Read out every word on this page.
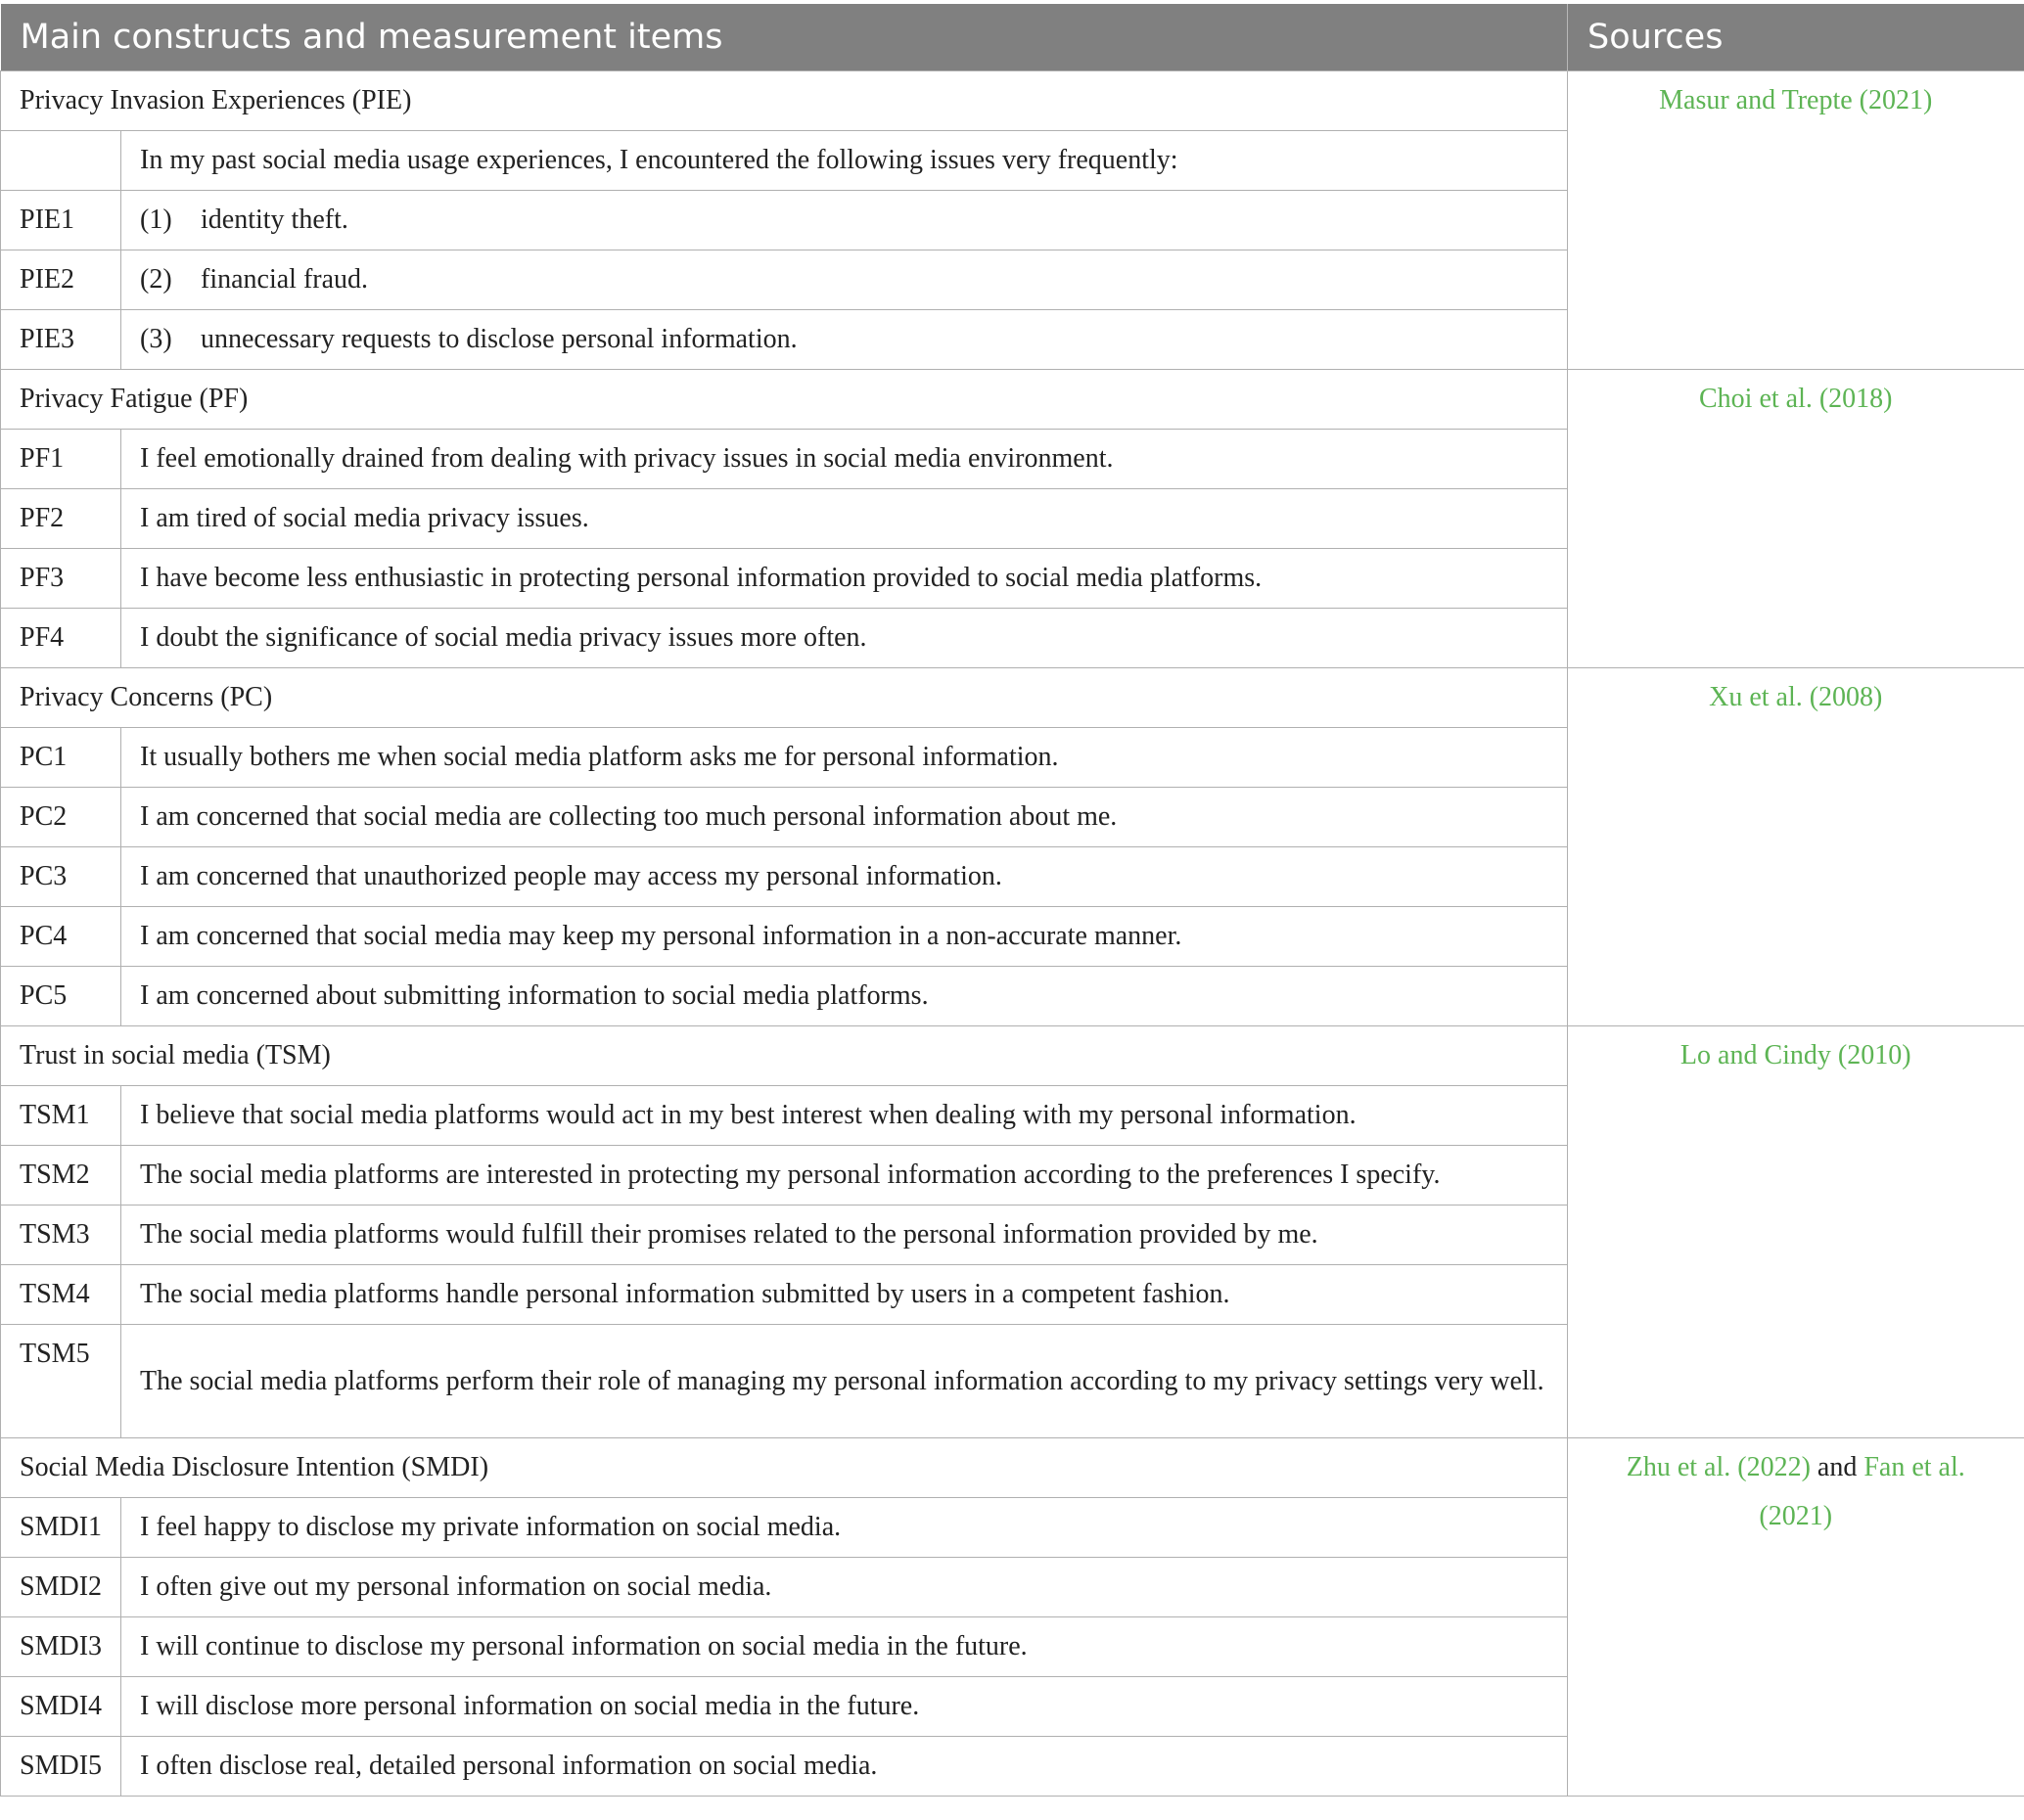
Main constructs and measurement items		Sources
Privacy Invasion Experiences (PIE)		Masur and Trepte (2021)
	In my past social media usage experiences, I encountered the following issues very frequently:	
PIE1	(1) identity theft.	
PIE2	(2) financial fraud.	
PIE3	(3) unnecessary requests to disclose personal information.	
Privacy Fatigue (PF)		Choi et al. (2018)
PF1	I feel emotionally drained from dealing with privacy issues in social media environment.	
PF2	I am tired of social media privacy issues.	
PF3	I have become less enthusiastic in protecting personal information provided to social media platforms.	
PF4	I doubt the significance of social media privacy issues more often.	
Privacy Concerns (PC)		Xu et al. (2008)
PC1	It usually bothers me when social media platform asks me for personal information.	
PC2	I am concerned that social media are collecting too much personal information about me.	
PC3	I am concerned that unauthorized people may access my personal information.	
PC4	I am concerned that social media may keep my personal information in a non-accurate manner.	
PC5	I am concerned about submitting information to social media platforms.	
Trust in social media (TSM)		Lo and Cindy (2010)
TSM1	I believe that social media platforms would act in my best interest when dealing with my personal information.	
TSM2	The social media platforms are interested in protecting my personal information according to the preferences I specify.	
TSM3	The social media platforms would fulfill their promises related to the personal information provided by me.	
TSM4	The social media platforms handle personal information submitted by users in a competent fashion.	
TSM5	The social media platforms perform their role of managing my personal information according to my privacy settings very well.	
Social Media Disclosure Intention (SMDI)		Zhu et al. (2022) and Fan et al. (2021)
SMDI1	I feel happy to disclose my private information on social media.	
SMDI2	I often give out my personal information on social media.	
SMDI3	I will continue to disclose my personal information on social media in the future.	
SMDI4	I will disclose more personal information on social media in the future.	
SMDI5	I often disclose real, detailed personal information on social media.	
